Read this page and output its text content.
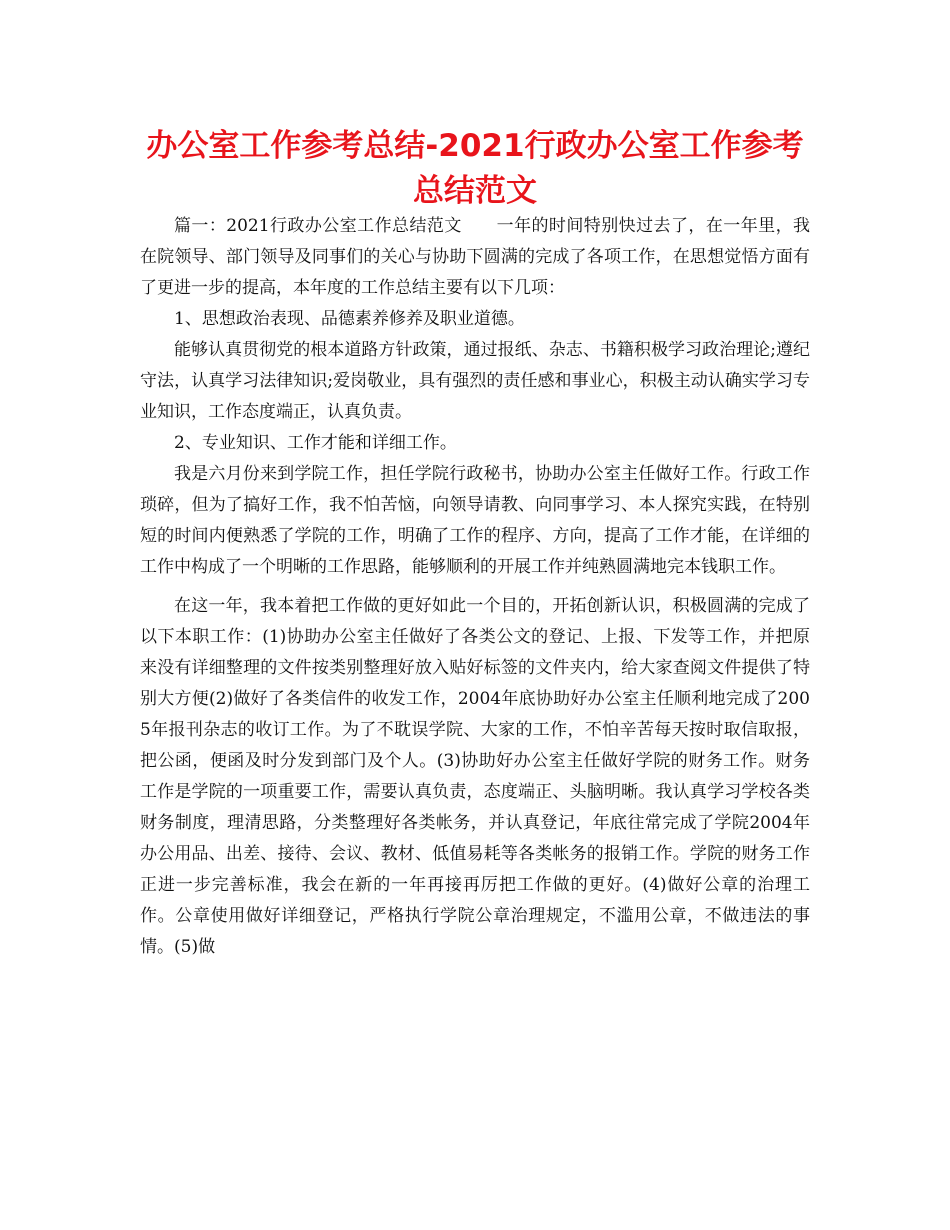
办公室工作参考总结-2021行政办公室工作参考
总结范文

篇一：2021行政办公室工作总结范文　　一年的时间特别快过去了，在一年里，我在院领导、部门领导及同事们的关心与协助下圆满的完成了各项工作，在思想觉悟方面有了更进一步的提高，本年度的工作总结主要有以下几项：

1、思想政治表现、品德素养修养及职业道德。

能够认真贯彻党的根本道路方针政策，通过报纸、杂志、书籍积极学习政治理论;遵纪守法，认真学习法律知识;爱岗敬业，具有强烈的责任感和事业心，积极主动认确实学习专业知识，工作态度端正，认真负责。

2、专业知识、工作才能和详细工作。

我是六月份来到学院工作，担任学院行政秘书，协助办公室主任做好工作。行政工作琐碎，但为了搞好工作，我不怕苦恼，向领导请教、向同事学习、本人探究实践，在特别短的时间内便熟悉了学院的工作，明确了工作的程序、方向，提高了工作才能，在详细的工作中构成了一个明晰的工作思路，能够顺利的开展工作并纯熟圆满地完本钱职工作。

在这一年，我本着把工作做的更好如此一个目的，开拓创新认识，积极圆满的完成了以下本职工作：(1)协助办公室主任做好了各类公文的登记、上报、下发等工作，并把原来没有详细整理的文件按类别整理好放入贴好标签的文件夹内，给大家查阅文件提供了特别大方便(2)做好了各类信件的收发工作，2004年底协助好办公室主任顺利地完成了2005年报刊杂志的收订工作。为了不耽误学院、大家的工作，不怕辛苦每天按时取信取报，把公函，便函及时分发到部门及个人。(3)协助好办公室主任做好学院的财务工作。财务工作是学院的一项重要工作，需要认真负责，态度端正、头脑明晰。我认真学习学校各类财务制度，理清思路，分类整理好各类帐务，并认真登记，年底往常完成了学院2004年办公用品、出差、接待、会议、教材、低值易耗等各类帐务的报销工作。学院的财务工作正进一步完善标准，我会在新的一年再接再厉把工作做的更好。(4)做好公章的治理工作。公章使用做好详细登记，严格执行学院公章治理规定，不滥用公章，不做违法的事情。(5)做
